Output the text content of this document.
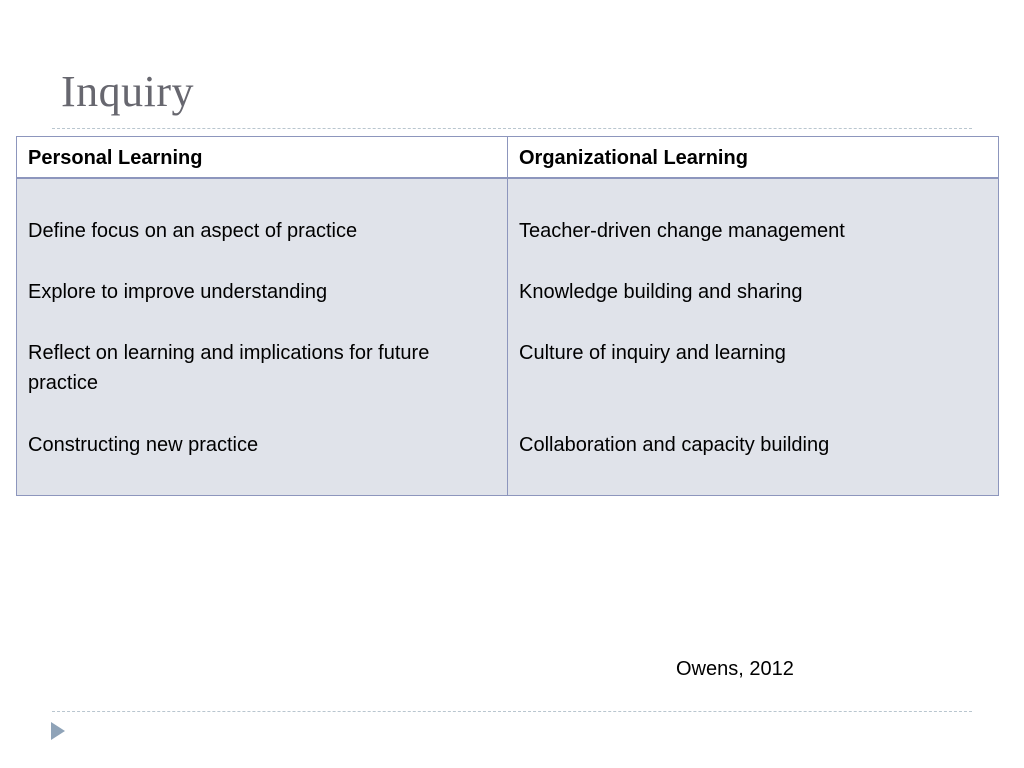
Inquiry
Personal Learning	Organizational Learning
Define focus on an aspect of practice
Explore to improve understanding
Reflect on learning and implications for future practice
Constructing new practice
Teacher-driven change management
Knowledge building and sharing
Culture of inquiry and learning
Collaboration and capacity building
Owens, 2012
